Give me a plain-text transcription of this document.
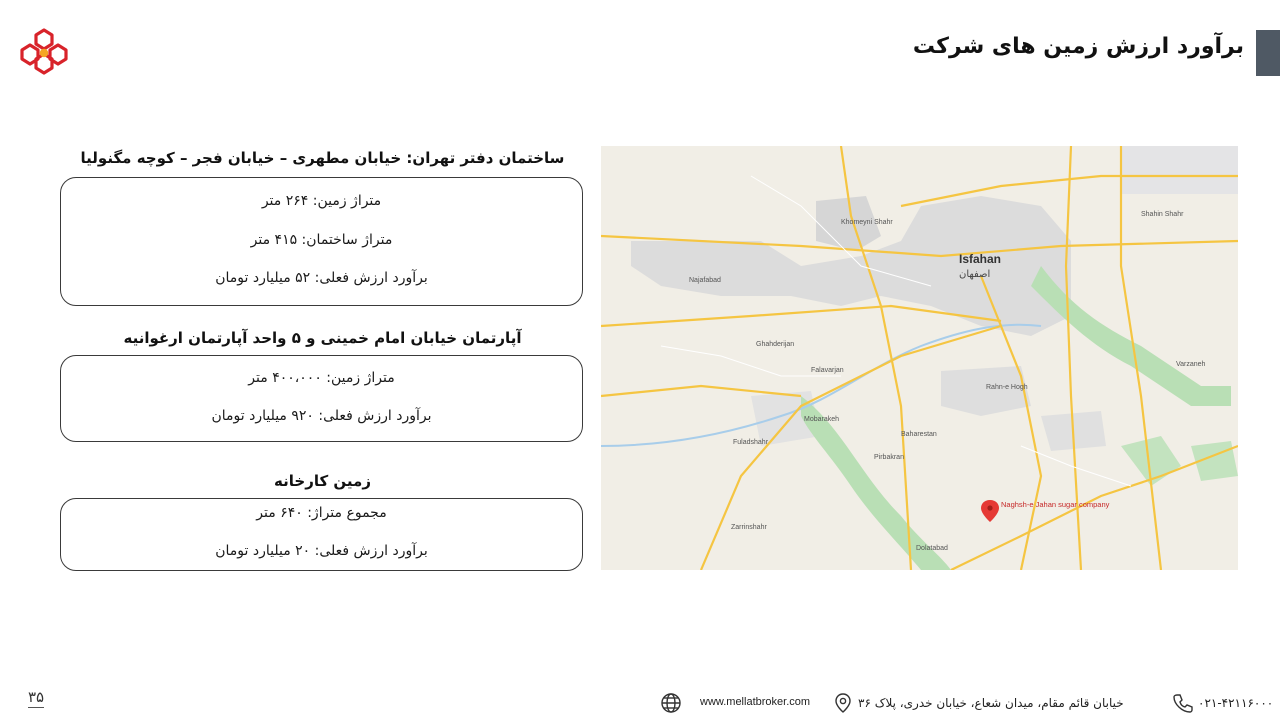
برآورد ارزش زمین های شرکت
ساختمان دفتر تهران: خیابان مطهری – خیابان فجر – کوچه مگنولیا
متراژ زمین: ۲۶۴ متر
متراژ ساختمان: ۴۱۵ متر
برآورد ارزش فعلی: ۵۲ میلیارد تومان
آپارتمان خیابان امام خمینی و ۵ واحد آپارتمان ارغوانیه
متراژ زمین: ۴۰۰،۰۰۰ متر
برآورد ارزش فعلی: ۹۲۰ میلیارد تومان
زمین کارخانه
مجموع متراژ: ۶۴۰ متر
برآورد ارزش فعلی: ۲۰ میلیارد تومان
Khomeyni Shahr
Najafabad
Falavarjan
Fuladshahr
Shahin Shahr
Varzaneh
Zarrinshahr
Mobarakeh
Dolatabad
Ghahderijan
Pirbakran
Baharestan
Rahn-e Hogh
Isfahan
اصفهان
Naghsh-e Jahan sugar company
۳۵	www.mellatbroker.com	خیابان قائم مقام، میدان شعاع، خیابان خدری، پلاک ۳۶	۰۲۱-۴۲۱۱۶۰۰۰
